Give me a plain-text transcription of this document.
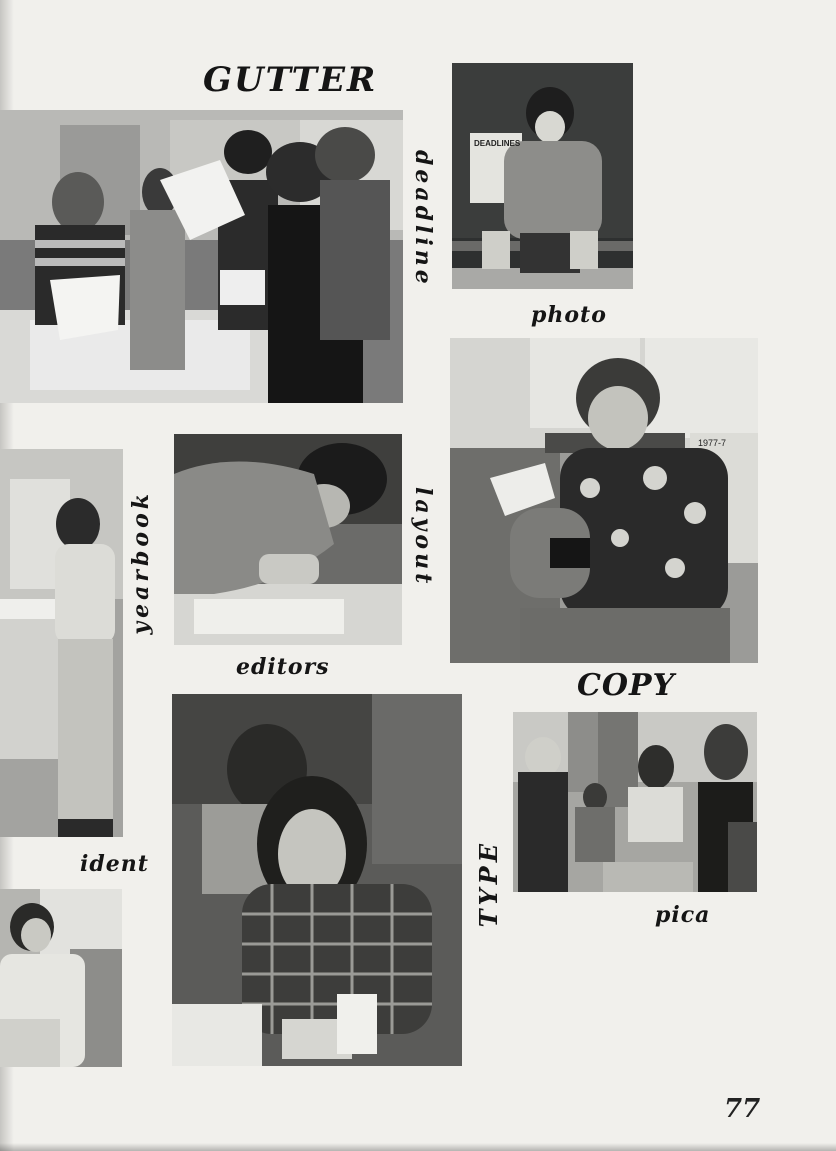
GUTTER
deadline
DEADLINES
photo
1977-7
yearbook	layout
editors
COPY
TYPE
ident
pica
77
